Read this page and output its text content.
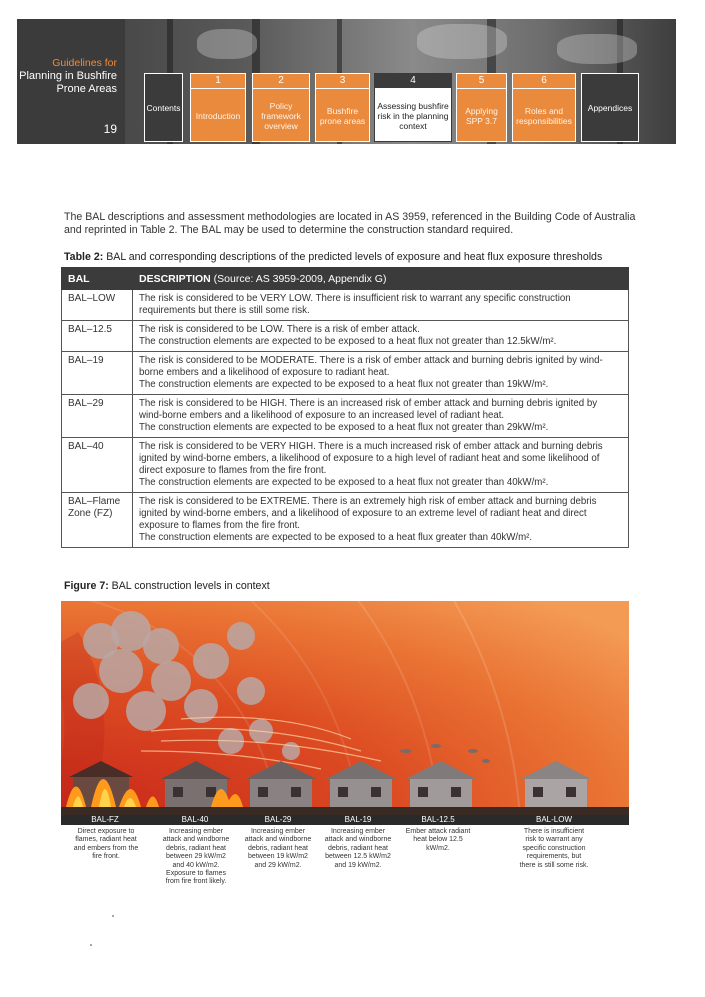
Guidelines for
Planning in Bushfire Prone Areas
19
Contents
1
Introduction
2
Policy framework overview
3
Bushfire prone areas
4
Assessing bushfire risk in the planning context
5
Applying SPP 3.7
6
Roles and responsibilities
Appendices
The BAL descriptions and assessment methodologies are located in AS 3959, referenced in the Building Code of Australia and reprinted in Table 2. The BAL may be used to determine the construction standard required.
Table 2: BAL and corresponding descriptions of the predicted levels of exposure and heat flux exposure thresholds
BAL	DESCRIPTION (Source: AS 3959-2009, Appendix G)
BAL–LOW	The risk is considered to be VERY LOW. There is insufficient risk to warrant any specific construction requirements but there is still some risk.

BAL–12.5	The risk is considered to be LOW. There is a risk of ember attack.

The construction elements are expected to be exposed to a heat flux not greater than 12.5kW/m².

BAL–19	The risk is considered to be MODERATE. There is a risk of ember attack and burning debris ignited by wind-borne embers and a likelihood of exposure to radiant heat.

The construction elements are expected to be exposed to a heat flux not greater than 19kW/m².

BAL–29	The risk is considered to be HIGH. There is an increased risk of ember attack and burning debris ignited by wind-borne embers and a likelihood of exposure to an increased level of radiant heat.

The construction elements are expected to be exposed to a heat flux not greater than 29kW/m².

BAL–40	The risk is considered to be VERY HIGH. There is a much increased risk of ember attack and burning debris ignited by wind-borne embers, a likelihood of exposure to a high level of radiant heat and some likelihood of direct exposure to flames from the fire front.

The construction elements are expected to be exposed to a heat flux not greater than 40kW/m².

BAL–Flame Zone (FZ)	The risk is considered to be EXTREME. There is an extremely high risk of ember attack and burning debris ignited by wind-borne embers, and a likelihood of exposure to an extreme level of radiant heat and direct exposure to flames from the fire front.

The construction elements are expected to be exposed to a heat flux greater than 40kW/m².

Figure 7: BAL construction levels in context
BAL-FZ	BAL-40	BAL-29	BAL-19	BAL-12.5	BAL-LOW
Direct exposure to flames, radiant heat and embers from the fire front.
Increasing ember attack and windborne debris, radiant heat between 29 kW/m2 and 40 kW/m2. Exposure to flames from fire front likely.
Increasing ember attack and windborne debris, radiant heat between 19 kW/m2 and 29 kW/m2.
Increasing ember attack and windborne debris, radiant heat between 12.5 kW/m2 and 19 kW/m2.
Ember attack radiant heat below 12.5 kW/m2.
There is insufficient risk to warrant any specific construction requirements, but there is still some risk.
